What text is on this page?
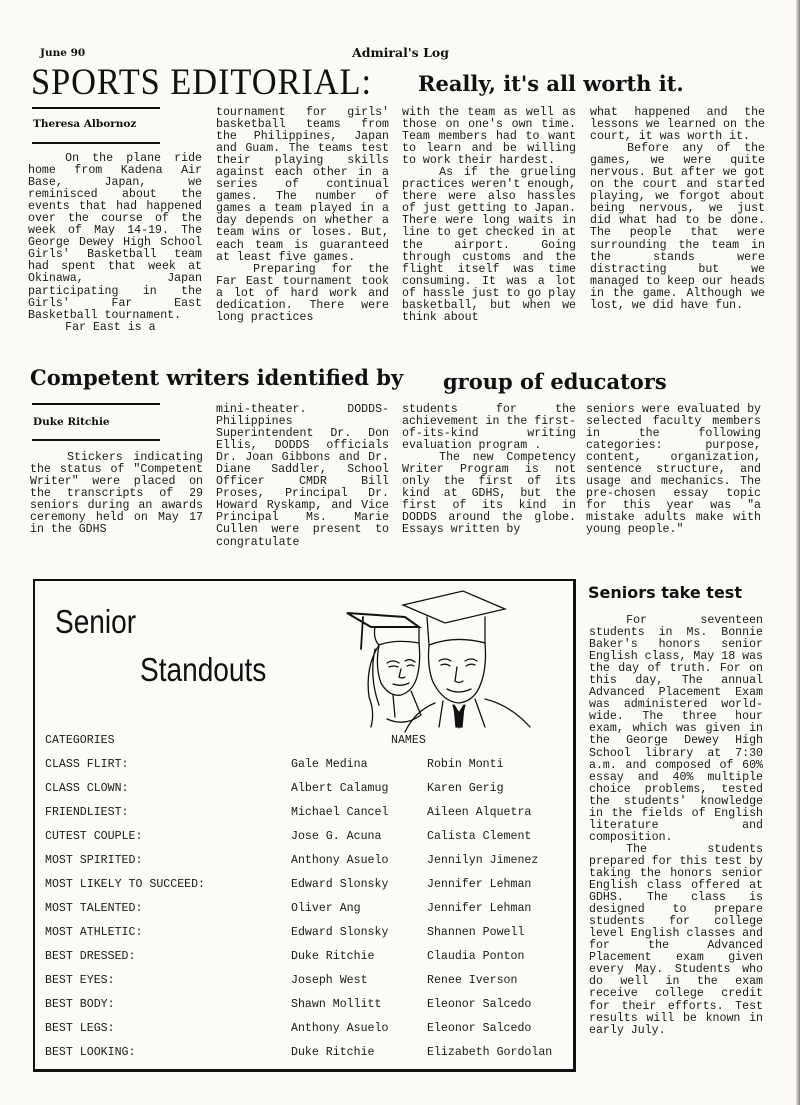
June 90	Admiral's Log
SPORTS EDITORIAL: Really, it's all worth it.
Theresa Albornoz

On the plane ride home from Kadena Air Base, Japan, we reminisced about the events that had happened over the course of the week of May 14-19. The George Dewey High School Girls' Basketball team had spent that week at Okinawa, Japan participating in the Girls' Far East Basketball tournament.

Far East is a

tournament for girls' basketball teams from the Philippines, Japan and Guam. The teams test their playing skills against each other in a series of continual games. The number of games a team played in a day depends on whether a team wins or loses. But, each team is guaranteed at least five games.

Preparing for the Far East tournament took a lot of hard work and dedication. There were long practices

with the team as well as those on one's own time. Team members had to want to learn and be willing to work their hardest.

As if the grueling practices weren't enough, there were also hassles of just getting to Japan. There were long waits in line to get checked in at the airport. Going through customs and the flight itself was time consuming. It was a lot of hassle just to go play basketball, but when we think about

what happened and the lessons we learned on the court, it was worth it.

Before any of the games, we were quite nervous. But after we got on the court and started playing, we forgot about being nervous, we just did what had to be done. The people that were surrounding the team in the stands were distracting but we managed to keep our heads in the game. Although we lost, we did have fun.

Competent writers identified by group of educators
Duke Ritchie

Stickers indicating the status of "Competent Writer" were placed on the transcripts of 29 seniors during an awards ceremony held on May 17 in the GDHS

mini-theater. DODDS-Philippines Superintendent Dr. Don Ellis, DODDS officials Dr. Joan Gibbons and Dr. Diane Saddler, School Officer CMDR Bill Proses, Principal Dr. Howard Ryskamp, and Vice Principal Ms. Marie Cullen were present to congratulate

students for the achievement in the first-of-its-kind writing evaluation program .

The new Competency Writer Program is not only the first of its kind at GDHS, but the first of its kind in DODDS around the globe. Essays written by

seniors were evaluated by selected faculty members in the following categories: purpose, content, organization, sentence structure, and usage and mechanics. The pre-chosen essay topic for this year was "a mistake adults make with young people."

Senior
Standouts
CATEGORIES	NAMES
CLASS FLIRT:	Gale Medina	Robin Monti
CLASS CLOWN:	Albert Calamug	Karen Gerig
FRIENDLIEST:	Michael Cancel	Aileen Alquetra
CUTEST COUPLE:	Jose G. Acuna	Calista Clement
MOST SPIRITED:	Anthony Asuelo	Jennilyn Jimenez
MOST LIKELY TO SUCCEED:	Edward Slonsky	Jennifer Lehman
MOST TALENTED:	Oliver Ang	Jennifer Lehman
MOST ATHLETIC:	Edward Slonsky	Shannen Powell
BEST DRESSED:	Duke Ritchie	Claudia Ponton
BEST EYES:	Joseph West	Renee Iverson
BEST BODY:	Shawn Mollitt	Eleonor Salcedo
BEST LEGS:	Anthony Asuelo	Eleonor Salcedo
BEST LOOKING:	Duke Ritchie	Elizabeth Gordolan
Seniors take test

For seventeen students in Ms. Bonnie Baker's honors senior English class, May 18 was the day of truth. For on this day, The annual Advanced Placement Exam was administered world-wide. The three hour exam, which was given in the George Dewey High School library at 7:30 a.m. and composed of 60% essay and 40% multiple choice problems, tested the students' knowledge in the fields of English literature and composition.

The students prepared for this test by taking the honors senior English class offered at GDHS. The class is designed to prepare students for college level English classes and for the Advanced Placement exam given every May. Students who do well in the exam receive college credit for their efforts. Test results will be known in early July.
